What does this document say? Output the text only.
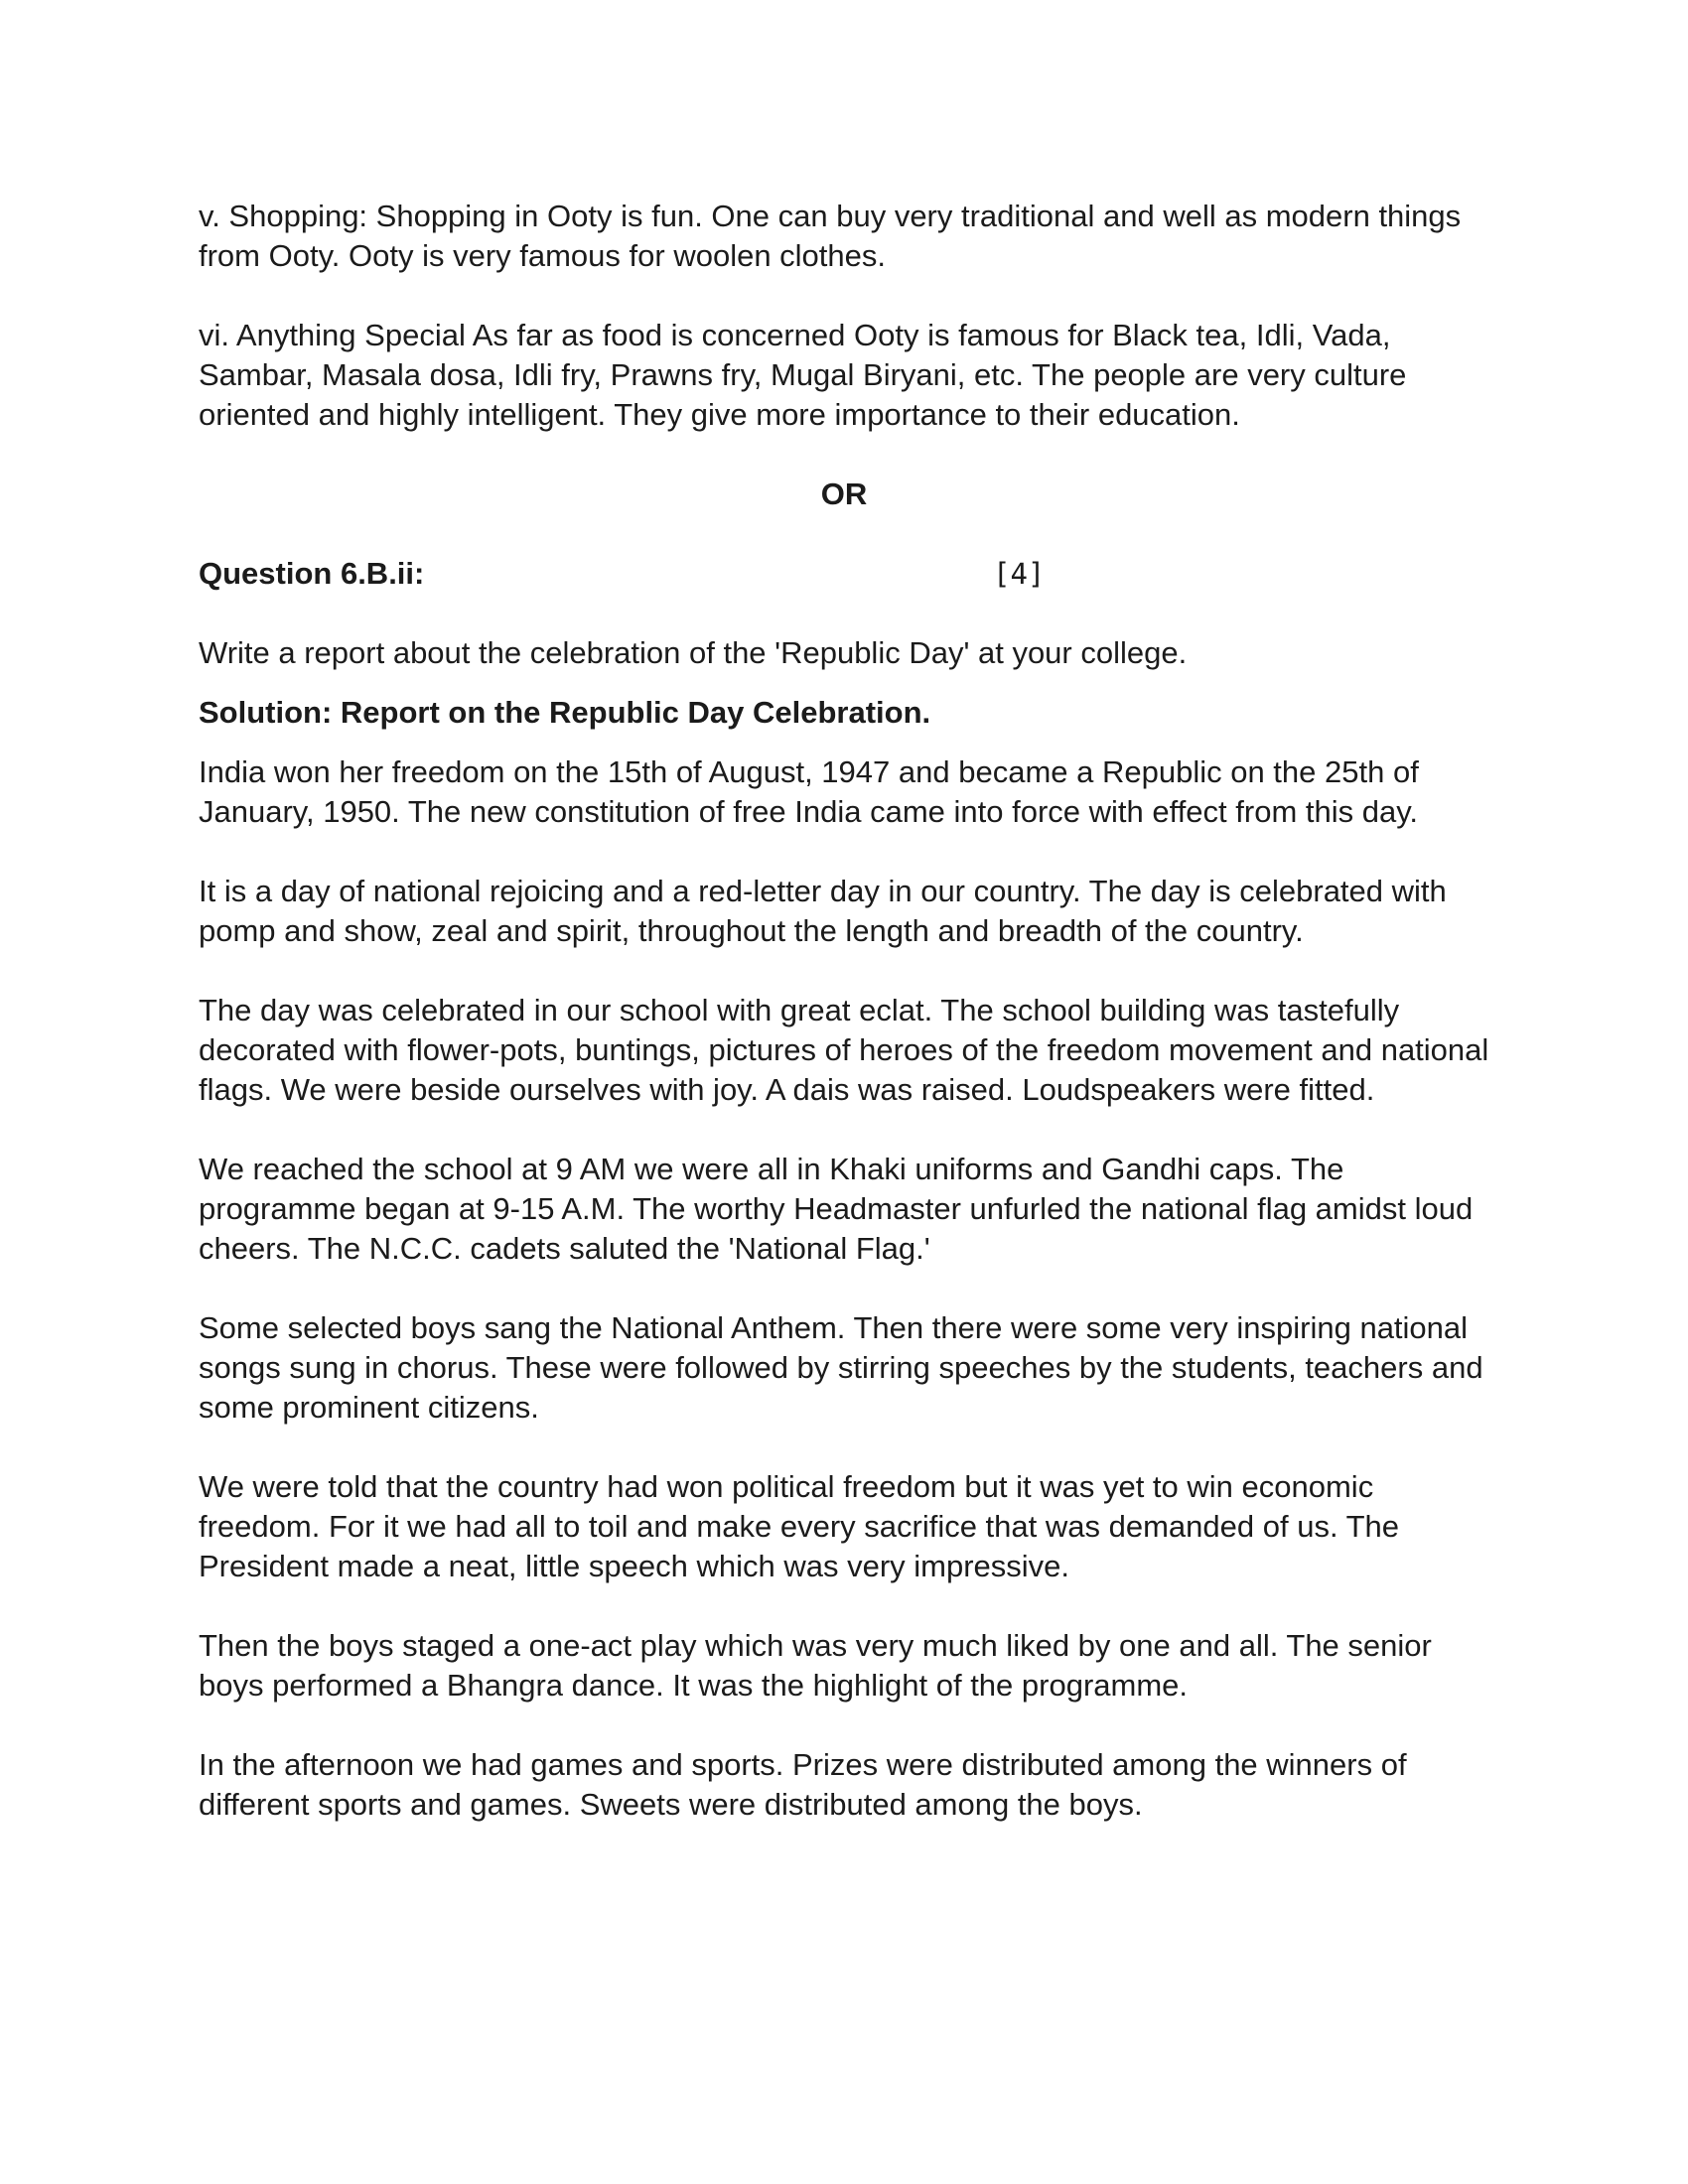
v. Shopping: Shopping in Ooty is fun. One can buy very traditional and well as modern things from Ooty. Ooty is very famous for woolen clothes.

vi. Anything Special As far as food is concerned Ooty is famous for Black tea, Idli, Vada, Sambar, Masala dosa, Idli fry, Prawns fry, Mugal Biryani, etc. The people are very culture oriented and highly intelligent. They give more importance to their education.

OR
Question 6.B.ii:	[4]

Write a report about the celebration of the 'Republic Day' at your college.

Solution: Report on the Republic Day Celebration.

India won her freedom on the 15th of August, 1947 and became a Republic on the 25th of January, 1950. The new constitution of free India came into force with effect from this day.

It is a day of national rejoicing and a red-letter day in our country. The day is celebrated with pomp and show, zeal and spirit, throughout the length and breadth of the country.

The day was celebrated in our school with great eclat. The school building was tastefully decorated with flower-pots, buntings, pictures of heroes of the freedom movement and national flags. We were beside ourselves with joy. A dais was raised. Loudspeakers were fitted.

We reached the school at 9 AM we were all in Khaki uniforms and Gandhi caps. The programme began at 9-15 A.M. The worthy Headmaster unfurled the national flag amidst loud cheers. The N.C.C. cadets saluted the 'National Flag.'

Some selected boys sang the National Anthem. Then there were some very inspiring national songs sung in chorus. These were followed by stirring speeches by the students, teachers and some prominent citizens.

We were told that the country had won political freedom but it was yet to win economic freedom. For it we had all to toil and make every sacrifice that was demanded of us. The President made a neat, little speech which was very impressive.

Then the boys staged a one-act play which was very much liked by one and all. The senior boys performed a Bhangra dance. It was the highlight of the programme.

In the afternoon we had games and sports. Prizes were distributed among the winners of different sports and games. Sweets were distributed among the boys.
